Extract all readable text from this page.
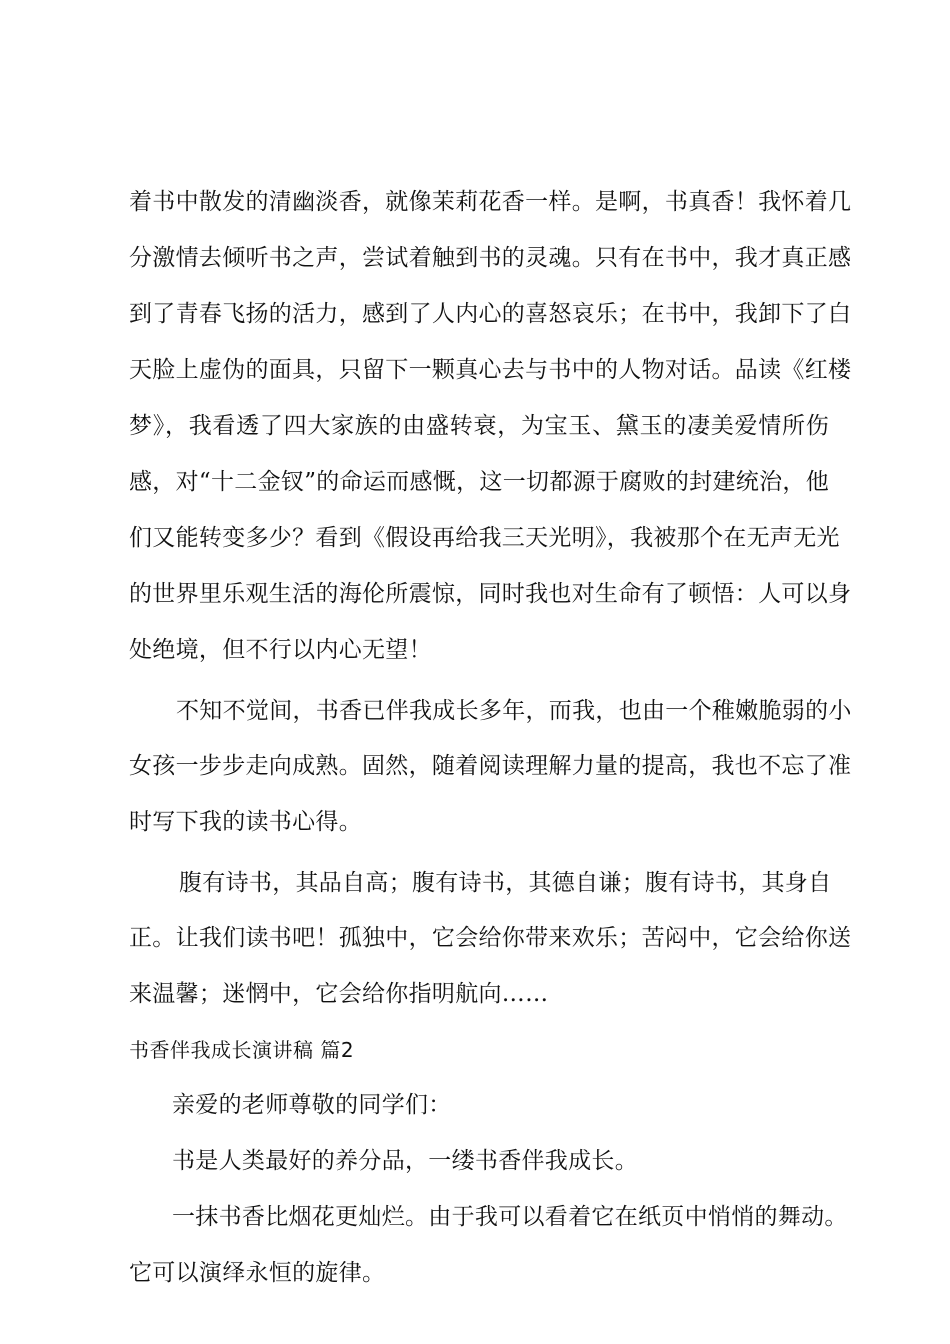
着书中散发的清幽淡香，就像茉莉花香一样。是啊，书真香！我怀着几
分激情去倾听书之声，尝试着触到书的灵魂。只有在书中，我才真正感
到了青春飞扬的活力，感到了人内心的喜怒哀乐；在书中，我卸下了白
天脸上虚伪的面具，只留下一颗真心去与书中的人物对话。品读《红楼
梦》，我看透了四大家族的由盛转衰，为宝玉、黛玉的凄美爱情所伤
感，对“十二金钗”的命运而感慨，这一切都源于腐败的封建统治，他
们又能转变多少？看到《假设再给我三天光明》，我被那个在无声无光
的世界里乐观生活的海伦所震惊，同时我也对生命有了顿悟：人可以身
处绝境，但不行以内心无望！
不知不觉间，书香已伴我成长多年，而我，也由一个稚嫩脆弱的小
女孩一步步走向成熟。固然，随着阅读理解力量的提高，我也不忘了准
时写下我的读书心得。
腹有诗书，其品自高；腹有诗书，其德自谦；腹有诗书，其身自
正。让我们读书吧！孤独中，它会给你带来欢乐；苦闷中，它会给你送
来温馨；迷惘中，它会给你指明航向……
书香伴我成长演讲稿 篇2
亲爱的老师尊敬的同学们：
书是人类最好的养分品，一缕书香伴我成长。
一抹书香比烟花更灿烂。由于我可以看着它在纸页中悄悄的舞动。
它可以演绎永恒的旋律。
